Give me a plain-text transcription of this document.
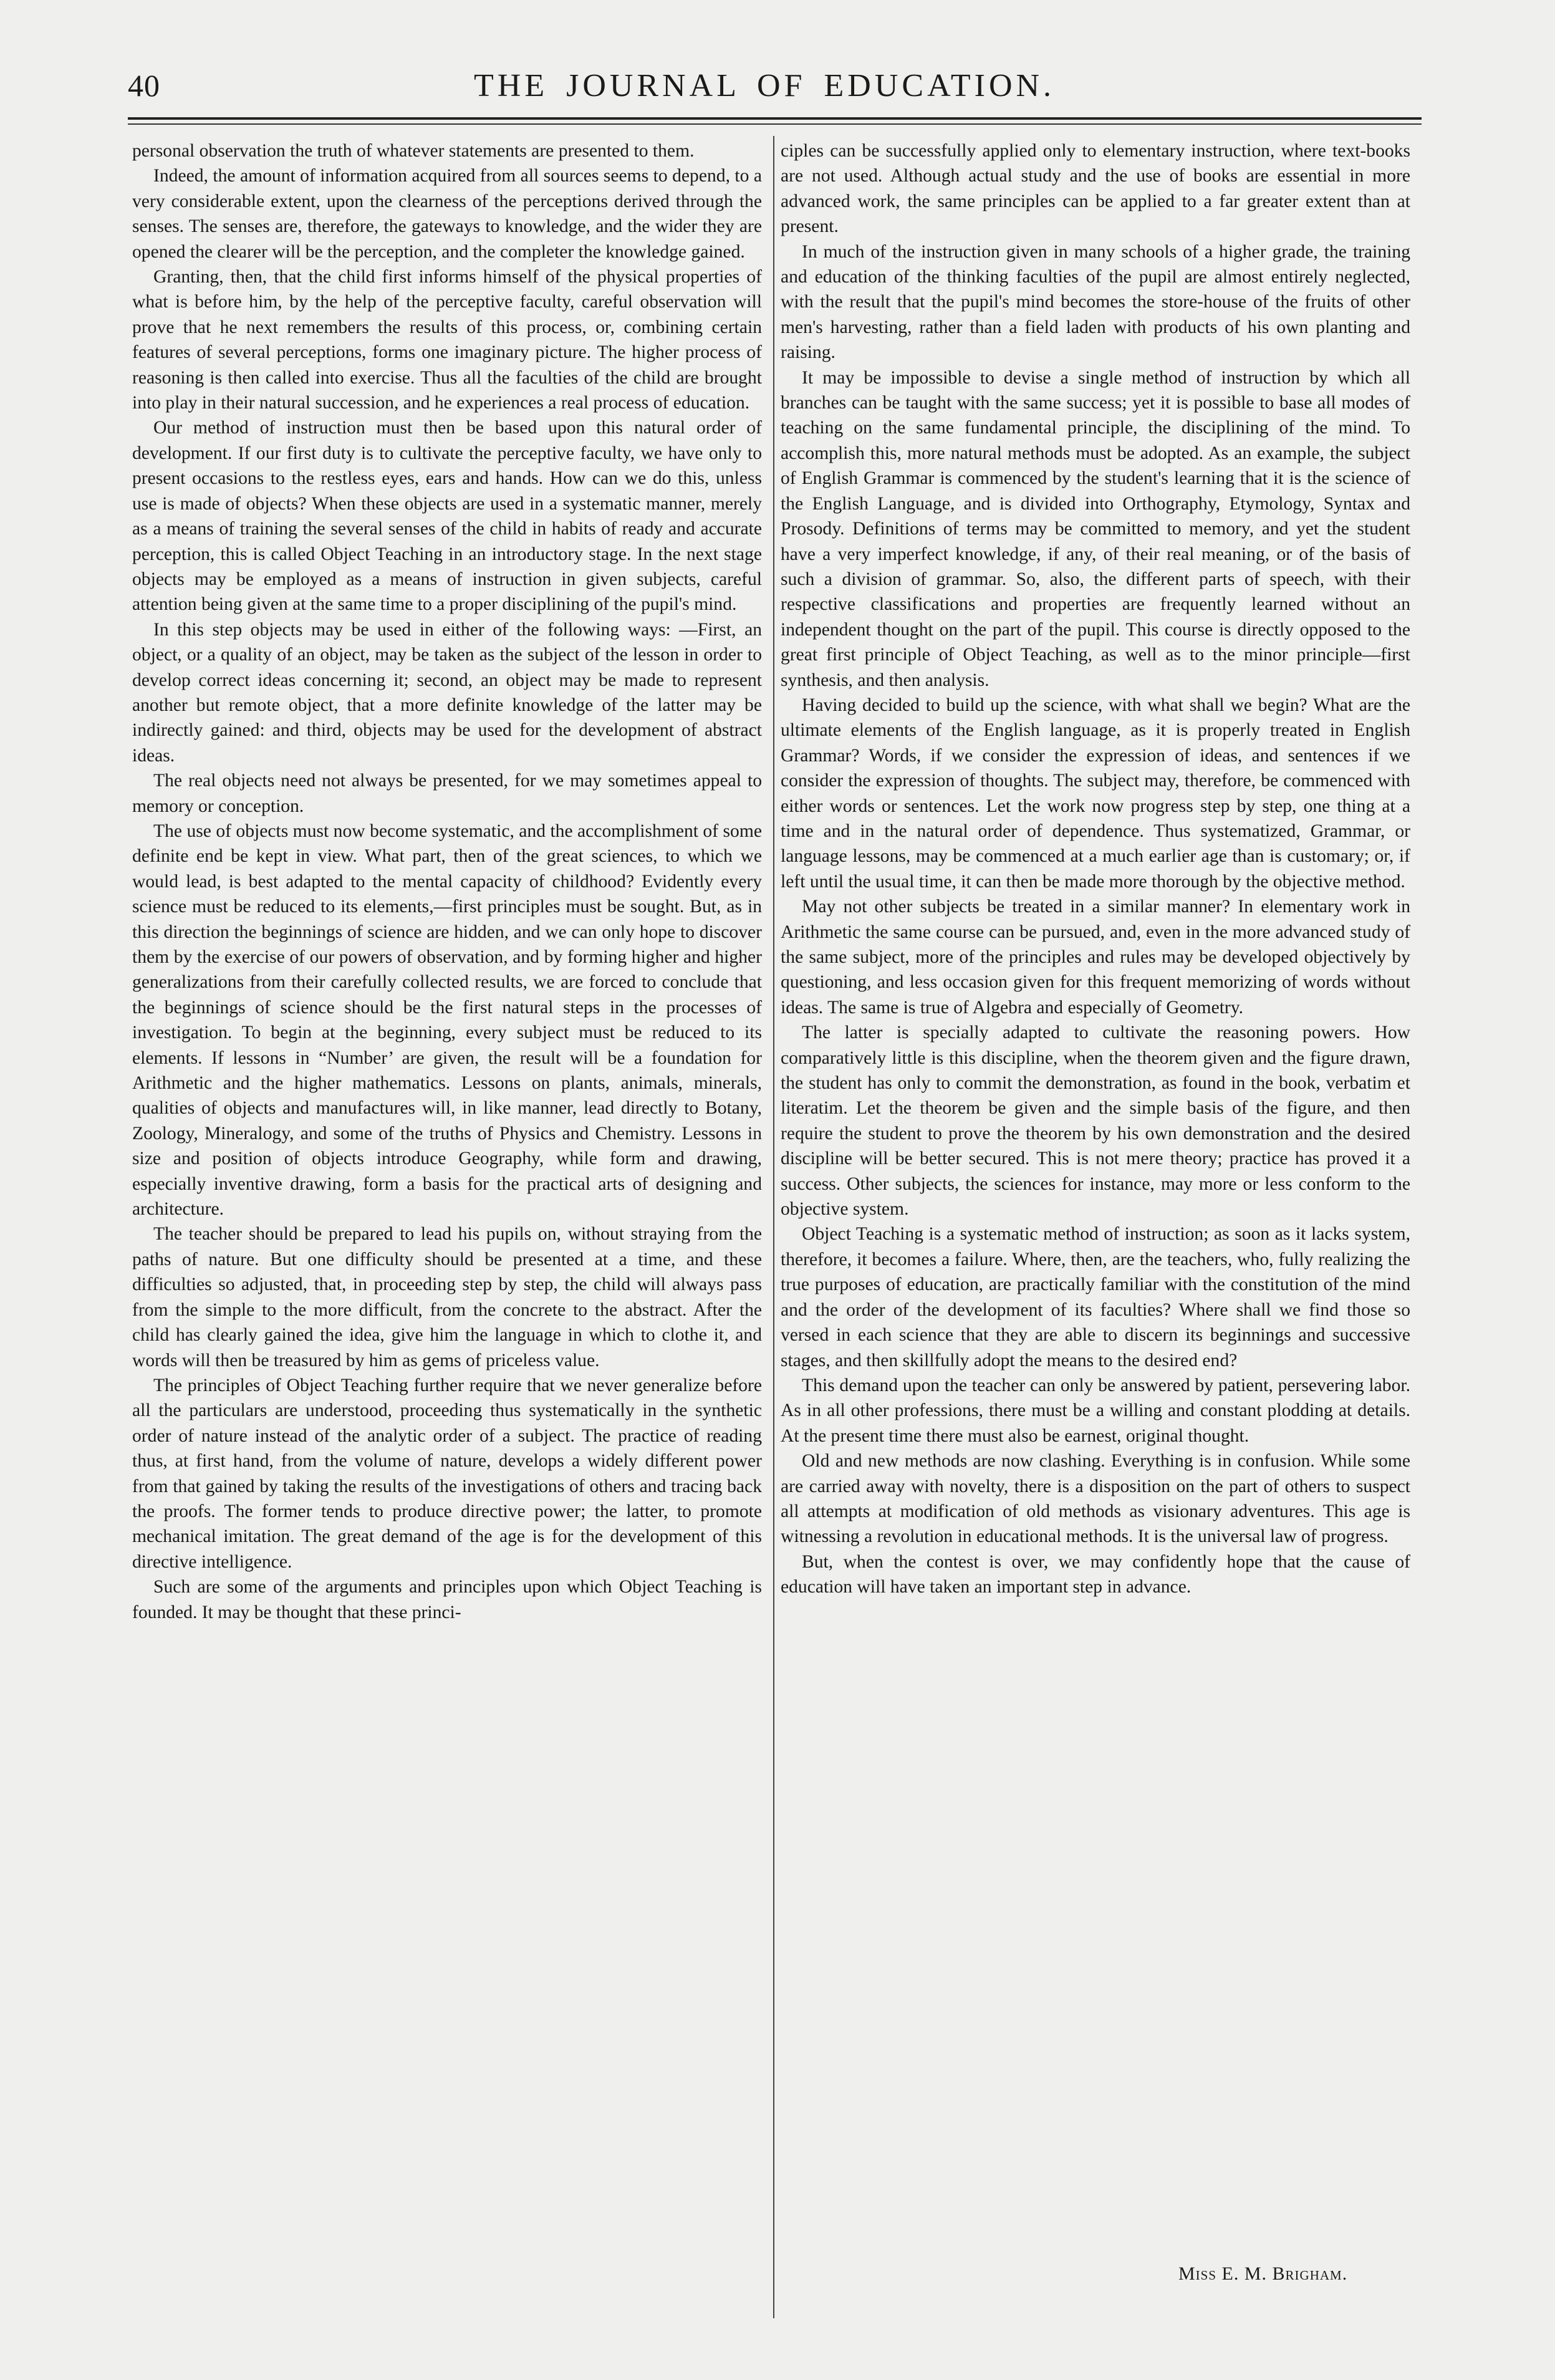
40	THE JOURNAL OF EDUCATION.

personal observation the truth of whatever statements are presented to them.

Indeed, the amount of information acquired from all sources seems to depend, to a very considerable extent, upon the clearness of the perceptions derived through the senses. The senses are, therefore, the gateways to knowledge, and the wider they are opened the clearer will be the perception, and the completer the knowledge gained.

Granting, then, that the child first informs himself of the physical properties of what is before him, by the help of the perceptive faculty, careful observation will prove that he next remembers the results of this process, or, combining certain features of several perceptions, forms one imaginary picture. The higher process of reasoning is then called into exercise. Thus all the faculties of the child are brought into play in their natural succession, and he experiences a real process of education.

Our method of instruction must then be based upon this natural order of development. If our first duty is to cultivate the perceptive faculty, we have only to present occasions to the restless eyes, ears and hands. How can we do this, unless use is made of objects? When these objects are used in a systematic manner, merely as a means of training the several senses of the child in habits of ready and accurate perception, this is called Object Teaching in an introductory stage. In the next stage objects may be employed as a means of instruction in given subjects, careful attention being given at the same time to a proper disciplining of the pupil's mind.

In this step objects may be used in either of the following ways: —First, an object, or a quality of an object, may be taken as the subject of the lesson in order to develop correct ideas concerning it; second, an object may be made to represent another but remote object, that a more definite knowledge of the latter may be indirectly gained: and third, objects may be used for the development of abstract ideas.

The real objects need not always be presented, for we may sometimes appeal to memory or conception.

The use of objects must now become systematic, and the accomplishment of some definite end be kept in view. What part, then of the great sciences, to which we would lead, is best adapted to the mental capacity of childhood? Evidently every science must be reduced to its elements,—first principles must be sought. But, as in this direction the beginnings of science are hidden, and we can only hope to discover them by the exercise of our powers of observation, and by forming higher and higher generalizations from their carefully collected results, we are forced to conclude that the beginnings of science should be the first natural steps in the processes of investigation. To begin at the beginning, every subject must be reduced to its elements. If lessons in “Number’ are given, the result will be a foundation for Arithmetic and the higher mathematics. Lessons on plants, animals, minerals, qualities of objects and manufactures will, in like manner, lead directly to Botany, Zoology, Mineralogy, and some of the truths of Physics and Chemistry. Lessons in size and position of objects introduce Geography, while form and drawing, especially inventive drawing, form a basis for the practical arts of designing and architecture.

The teacher should be prepared to lead his pupils on, without straying from the paths of nature. But one difficulty should be presented at a time, and these difficulties so adjusted, that, in proceeding step by step, the child will always pass from the simple to the more difficult, from the concrete to the abstract. After the child has clearly gained the idea, give him the language in which to clothe it, and words will then be treasured by him as gems of priceless value.

The principles of Object Teaching further require that we never generalize before all the particulars are understood, proceeding thus systematically in the synthetic order of nature instead of the analytic order of a subject. The practice of reading thus, at first hand, from the volume of nature, develops a widely different power from that gained by taking the results of the investigations of others and tracing back the proofs. The former tends to produce directive power; the latter, to promote mechanical imitation. The great demand of the age is for the development of this directive intelligence.

Such are some of the arguments and principles upon which Object Teaching is founded. It may be thought that these princi-

ciples can be successfully applied only to elementary instruction, where text-books are not used. Although actual study and the use of books are essential in more advanced work, the same principles can be applied to a far greater extent than at present.

In much of the instruction given in many schools of a higher grade, the training and education of the thinking faculties of the pupil are almost entirely neglected, with the result that the pupil's mind becomes the store-house of the fruits of other men's harvesting, rather than a field laden with products of his own planting and raising.

It may be impossible to devise a single method of instruction by which all branches can be taught with the same success; yet it is possible to base all modes of teaching on the same fundamental principle, the disciplining of the mind. To accomplish this, more natural methods must be adopted. As an example, the subject of English Grammar is commenced by the student's learning that it is the science of the English Language, and is divided into Orthography, Etymology, Syntax and Prosody. Definitions of terms may be committed to memory, and yet the student have a very imperfect knowledge, if any, of their real meaning, or of the basis of such a division of grammar. So, also, the different parts of speech, with their respective classifications and properties are frequently learned without an independent thought on the part of the pupil. This course is directly opposed to the great first principle of Object Teaching, as well as to the minor principle—first synthesis, and then analysis.

Having decided to build up the science, with what shall we begin? What are the ultimate elements of the English language, as it is properly treated in English Grammar? Words, if we consider the expression of ideas, and sentences if we consider the expression of thoughts. The subject may, therefore, be commenced with either words or sentences. Let the work now progress step by step, one thing at a time and in the natural order of dependence. Thus systematized, Grammar, or language lessons, may be commenced at a much earlier age than is customary; or, if left until the usual time, it can then be made more thorough by the objective method.

May not other subjects be treated in a similar manner? In elementary work in Arithmetic the same course can be pursued, and, even in the more advanced study of the same subject, more of the principles and rules may be developed objectively by questioning, and less occasion given for this frequent memorizing of words without ideas. The same is true of Algebra and especially of Geometry.

The latter is specially adapted to cultivate the reasoning powers. How comparatively little is this discipline, when the theorem given and the figure drawn, the student has only to commit the demonstration, as found in the book, verbatim et literatim. Let the theorem be given and the simple basis of the figure, and then require the student to prove the theorem by his own demonstration and the desired discipline will be better secured. This is not mere theory; practice has proved it a success. Other subjects, the sciences for instance, may more or less conform to the objective system.

Object Teaching is a systematic method of instruction; as soon as it lacks system, therefore, it becomes a failure. Where, then, are the teachers, who, fully realizing the true purposes of education, are practically familiar with the constitution of the mind and the order of the development of its faculties? Where shall we find those so versed in each science that they are able to discern its beginnings and successive stages, and then skillfully adopt the means to the desired end?

This demand upon the teacher can only be answered by patient, persevering labor. As in all other professions, there must be a willing and constant plodding at details. At the present time there must also be earnest, original thought.

Old and new methods are now clashing. Everything is in confusion. While some are carried away with novelty, there is a disposition on the part of others to suspect all attempts at modification of old methods as visionary adventures. This age is witnessing a revolution in educational methods. It is the universal law of progress.

But, when the contest is over, we may confidently hope that the cause of education will have taken an important step in advance.

Miss E. M. Brigham.
